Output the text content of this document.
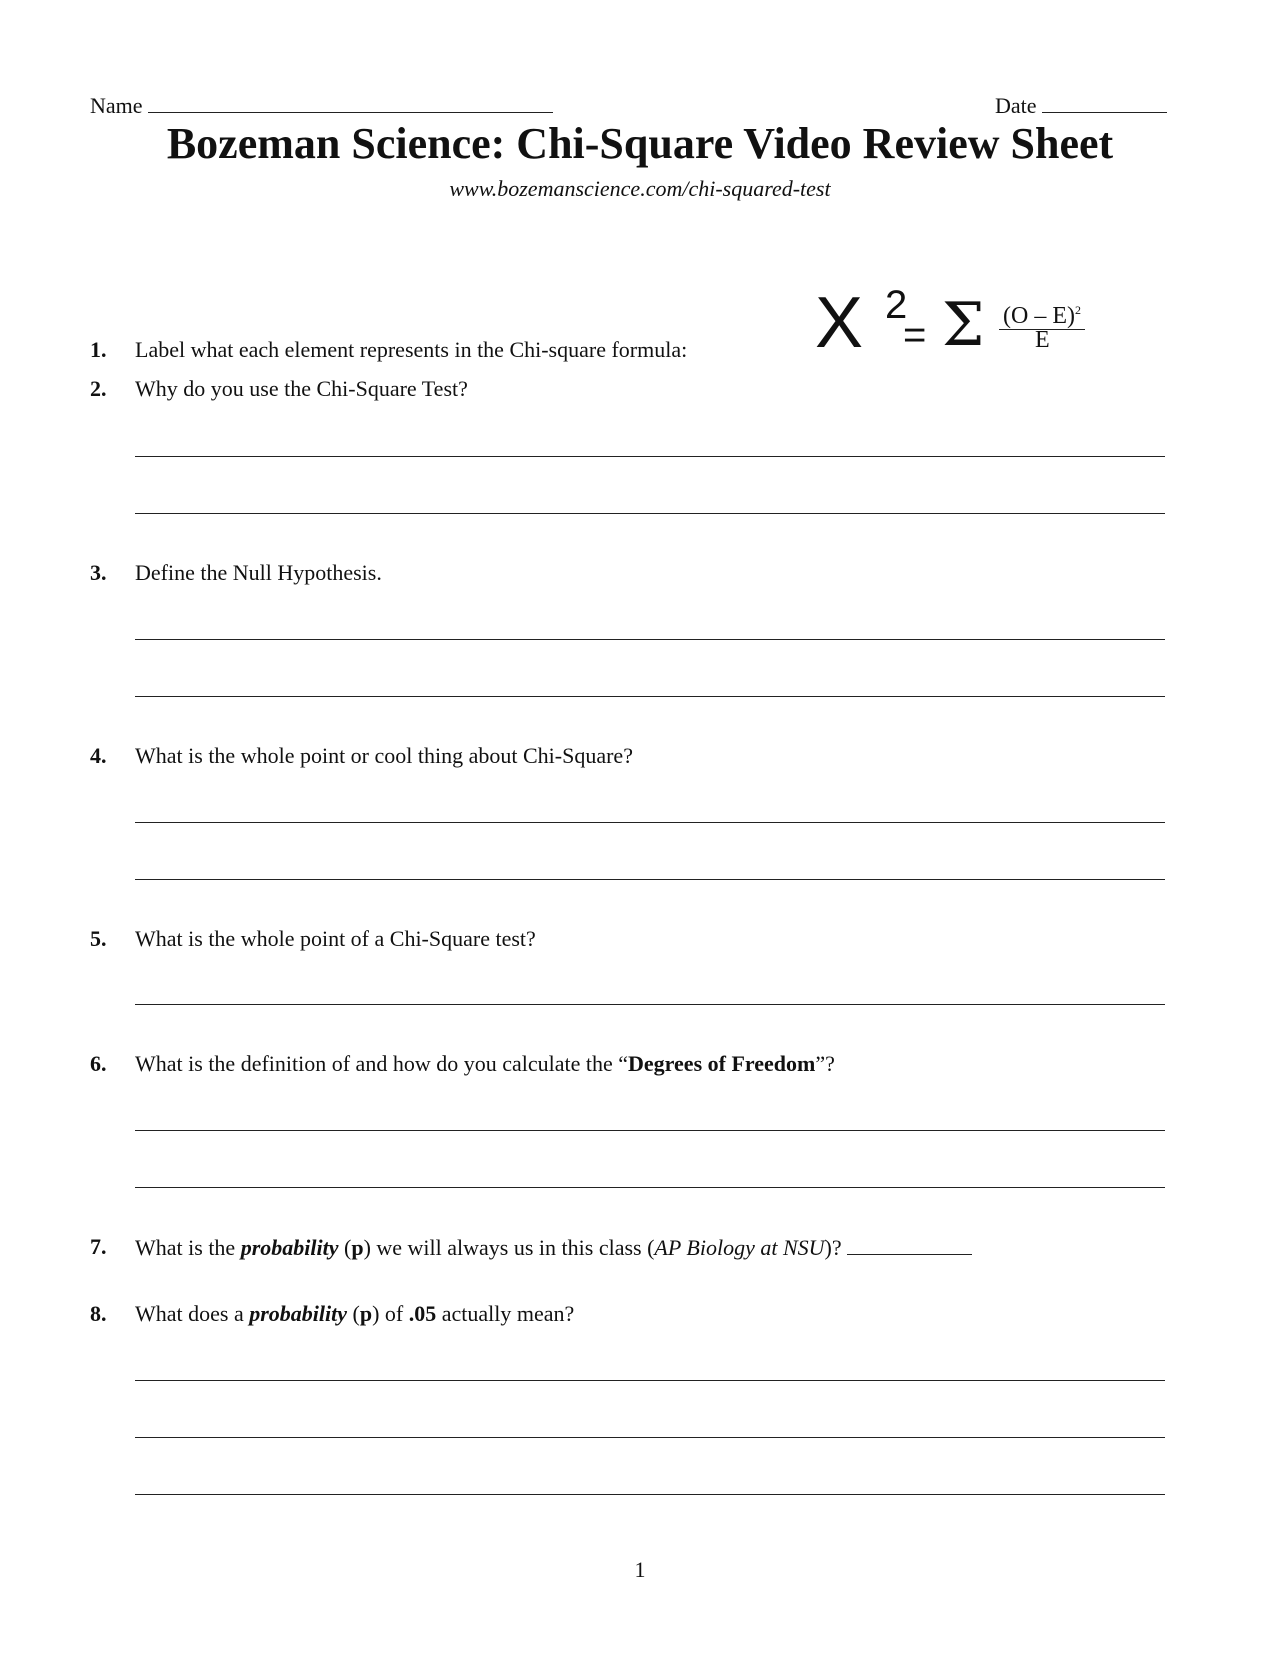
Name	Date
Bozeman Science: Chi-Square Video Review Sheet
www.bozemanscience.com/chi-squared-test
X 2
= Σ (O – E)$^2$
E
1.	Label what each element represents in the Chi-square formula:
2.	Why do you use the Chi-Square Test?
3.	Define the Null Hypothesis.
4.	What is the whole point or cool thing about Chi-Square?
5.	What is the whole point of a Chi-Square test?
6.	What is the definition of and how do you calculate the “Degrees of Freedom”?
7.	What is the probability (p) we will always us in this class (AP Biology at NSU)?
8.	What does a probability (p) of .05 actually mean?
1
